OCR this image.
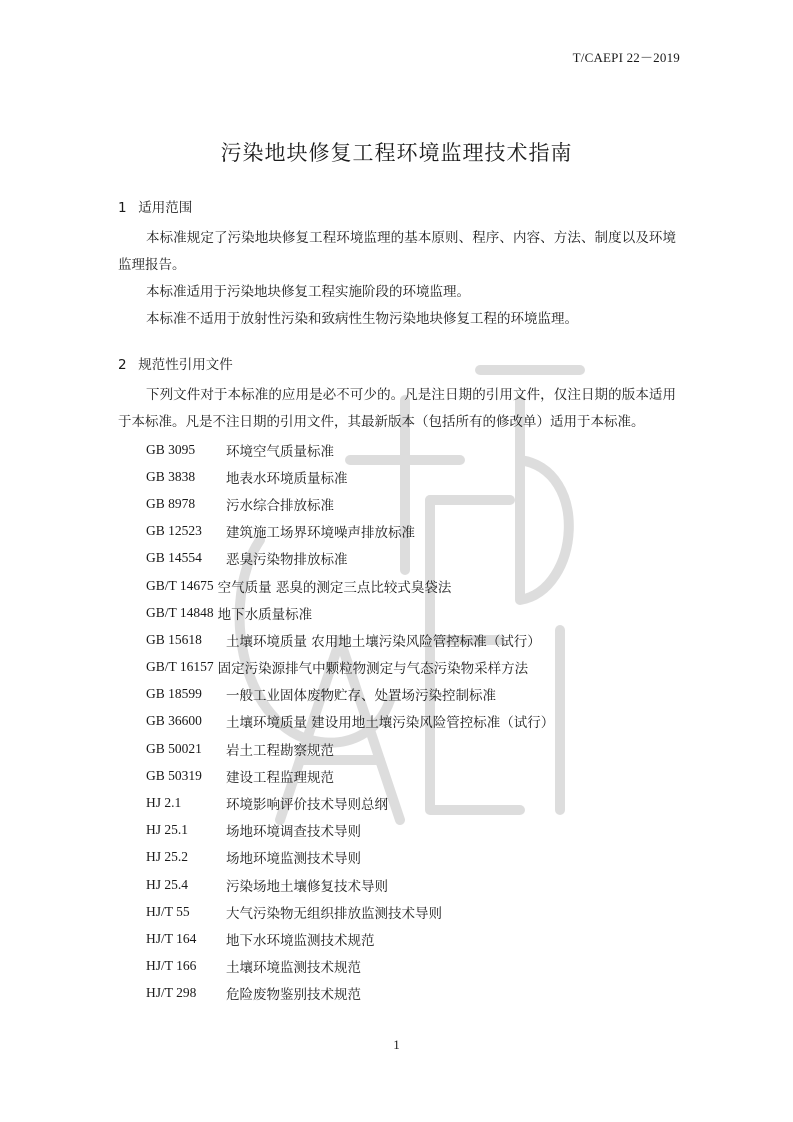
T/CAEPI 22－2019
污染地块修复工程环境监理技术指南
1 适用范围

本标准规定了污染地块修复工程环境监理的基本原则、程序、内容、方法、制度以及环境监理报告。

本标准适用于污染地块修复工程实施阶段的环境监理。

本标准不适用于放射性污染和致病性生物污染地块修复工程的环境监理。

2 规范性引用文件

下列文件对于本标准的应用是必不可少的。凡是注日期的引用文件，仅注日期的版本适用于本标准。凡是不注日期的引用文件，其最新版本（包括所有的修改单）适用于本标准。

GB 3095	环境空气质量标准
GB 3838	地表水环境质量标准
GB 8978	污水综合排放标准
GB 12523	建筑施工场界环境噪声排放标准
GB 14554	恶臭污染物排放标准
GB/T 14675 空气质量 恶臭的测定三点比较式臭袋法
GB/T 14848 地下水质量标准
GB 15618	土壤环境质量 农用地土壤污染风险管控标准（试行）
GB/T 16157 固定污染源排气中颗粒物测定与气态污染物采样方法
GB 18599	一般工业固体废物贮存、处置场污染控制标准
GB 36600	土壤环境质量 建设用地土壤污染风险管控标准（试行）
GB 50021	岩土工程勘察规范
GB 50319	建设工程监理规范
HJ 2.1	环境影响评价技术导则总纲
HJ 25.1	场地环境调查技术导则
HJ 25.2	场地环境监测技术导则
HJ 25.4	污染场地土壤修复技术导则
HJ/T 55	大气污染物无组织排放监测技术导则
HJ/T 164	地下水环境监测技术规范
HJ/T 166	土壤环境监测技术规范
HJ/T 298	危险废物鉴别技术规范
1
